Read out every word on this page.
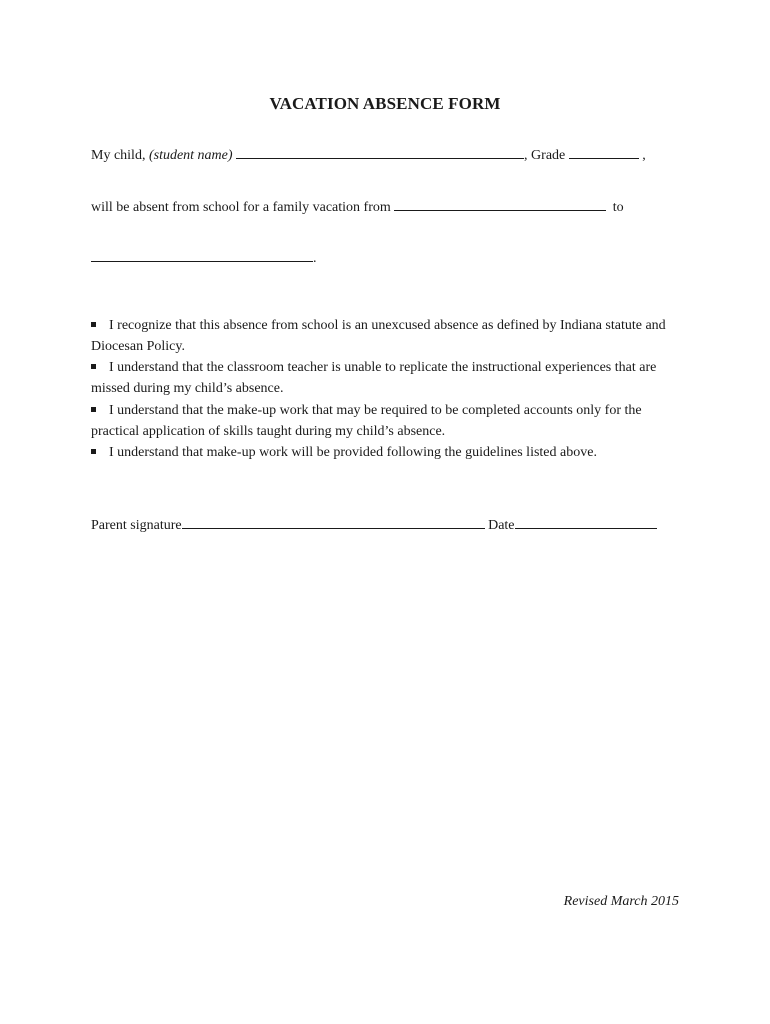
VACATION ABSENCE FORM
My child, (student name)	, Grade	,
will be absent from school for a family vacation from	to
.
I recognize that this absence from school is an unexcused absence as defined by Indiana statute and Diocesan Policy.
I understand that the classroom teacher is unable to replicate the instructional experiences that are missed during my child’s absence.
I understand that the make-up work that may be required to be completed accounts only for the practical application of skills taught during my child’s absence.
I understand that make-up work will be provided following the guidelines listed above.
Parent signature	Date
Revised March 2015
